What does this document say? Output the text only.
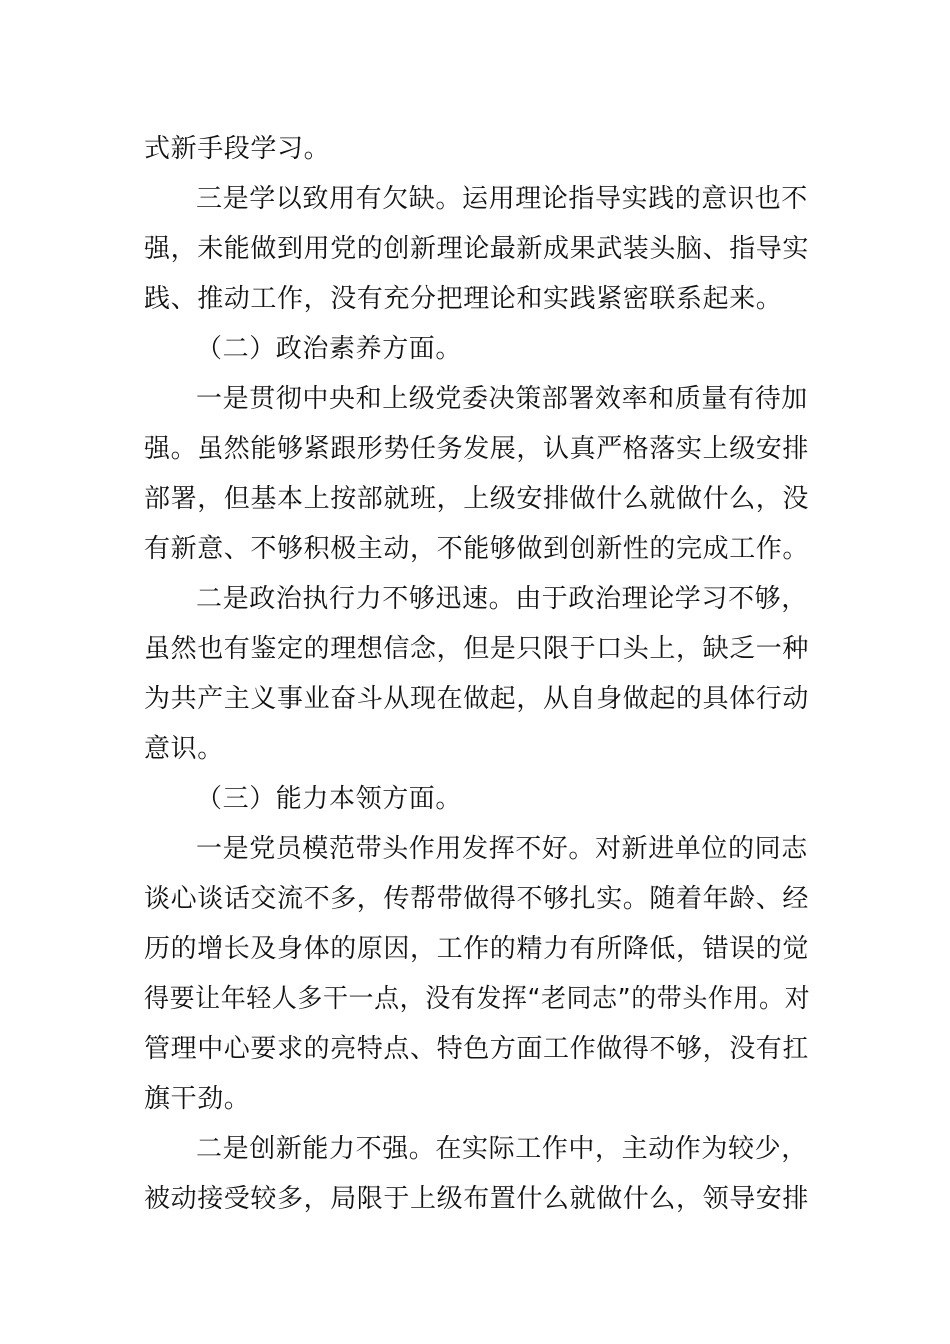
式新手段学习。
三是学以致用有欠缺。运用理论指导实践的意识也不
强，未能做到用党的创新理论最新成果武装头脑、指导实
践、推动工作，没有充分把理论和实践紧密联系起来。
（二）政治素养方面。
一是贯彻中央和上级党委决策部署效率和质量有待加
强。虽然能够紧跟形势任务发展，认真严格落实上级安排
部署，但基本上按部就班，上级安排做什么就做什么，没
有新意、不够积极主动，不能够做到创新性的完成工作。
二是政治执行力不够迅速。由于政治理论学习不够，
虽然也有鉴定的理想信念，但是只限于口头上，缺乏一种
为共产主义事业奋斗从现在做起，从自身做起的具体行动
意识。
（三）能力本领方面。
一是党员模范带头作用发挥不好。对新进单位的同志
谈心谈话交流不多，传帮带做得不够扎实。随着年龄、经
历的增长及身体的原因，工作的精力有所降低，错误的觉
得要让年轻人多干一点，没有发挥“老同志”的带头作用。对
管理中心要求的亮特点、特色方面工作做得不够，没有扛
旗干劲。
二是创新能力不强。在实际工作中，主动作为较少，
被动接受较多，局限于上级布置什么就做什么，领导安排
